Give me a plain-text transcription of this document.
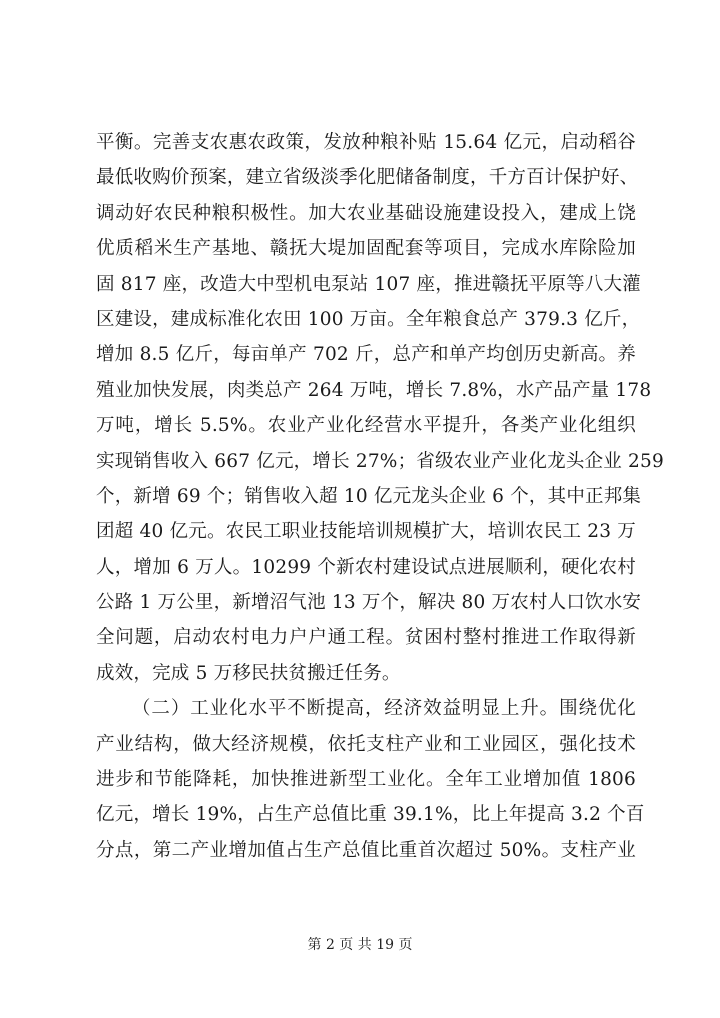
平衡。完善支农惠农政策，发放种粮补贴 15.64 亿元，启动稻谷
最低收购价预案，建立省级淡季化肥储备制度，千方百计保护好、
调动好农民种粮积极性。加大农业基础设施建设投入，建成上饶
优质稻米生产基地、赣抚大堤加固配套等项目，完成水库除险加
固 817 座，改造大中型机电泵站 107 座，推进赣抚平原等八大灌
区建设，建成标准化农田 100 万亩。全年粮食总产 379.3 亿斤，
增加 8.5 亿斤，每亩单产 702 斤，总产和单产均创历史新高。养
殖业加快发展，肉类总产 264 万吨，增长 7.8%，水产品产量 178
万吨，增长 5.5%。农业产业化经营水平提升，各类产业化组织
实现销售收入 667 亿元，增长 27%；省级农业产业化龙头企业 259
个，新增 69 个；销售收入超 10 亿元龙头企业 6 个，其中正邦集
团超 40 亿元。农民工职业技能培训规模扩大，培训农民工 23 万
人，增加 6 万人。10299 个新农村建设试点进展顺利，硬化农村
公路 1 万公里，新增沼气池 13 万个，解决 80 万农村人口饮水安
全问题，启动农村电力户户通工程。贫困村整村推进工作取得新
成效，完成 5 万移民扶贫搬迁任务。
（二）工业化水平不断提高，经济效益明显上升。围绕优化
产业结构，做大经济规模，依托支柱产业和工业园区，强化技术
进步和节能降耗，加快推进新型工业化。全年工业增加值 1806
亿元，增长 19%，占生产总值比重 39.1%，比上年提高 3.2 个百
分点，第二产业增加值占生产总值比重首次超过 50%。支柱产业
第 2 页 共 19 页
